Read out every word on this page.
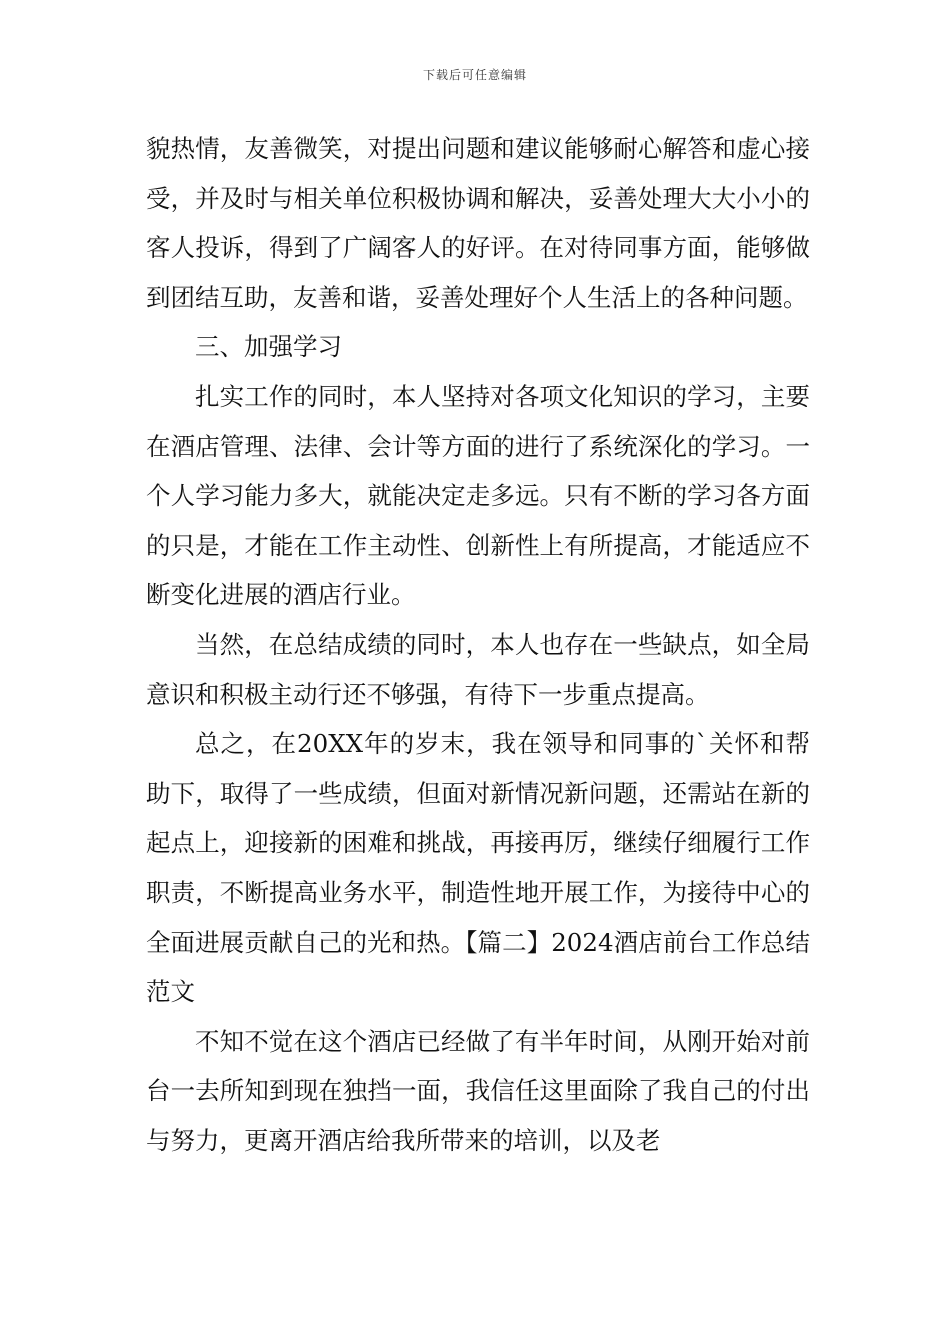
下载后可任意编辑

貌热情，友善微笑，对提出问题和建议能够耐心解答和虚心接受，并及时与相关单位积极协调和解决，妥善处理大大小小的客人投诉，得到了广阔客人的好评。在对待同事方面，能够做到团结互助，友善和谐，妥善处理好个人生活上的各种问题。

三、加强学习

扎实工作的同时，本人坚持对各项文化知识的学习，主要在酒店管理、法律、会计等方面的进行了系统深化的学习。一个人学习能力多大，就能决定走多远。只有不断的学习各方面的只是，才能在工作主动性、创新性上有所提高，才能适应不断变化进展的酒店行业。

当然，在总结成绩的同时，本人也存在一些缺点，如全局意识和积极主动行还不够强，有待下一步重点提高。

总之，在20XX年的岁末，我在领导和同事的`关怀和帮助下，取得了一些成绩，但面对新情况新问题，还需站在新的起点上，迎接新的困难和挑战，再接再厉，继续仔细履行工作职责，不断提高业务水平，制造性地开展工作，为接待中心的全面进展贡献自己的光和热。【篇二】2024酒店前台工作总结范文

不知不觉在这个酒店已经做了有半年时间，从刚开始对前台一去所知到现在独挡一面，我信任这里面除了我自己的付出与努力，更离开酒店给我所带来的培训，以及老
